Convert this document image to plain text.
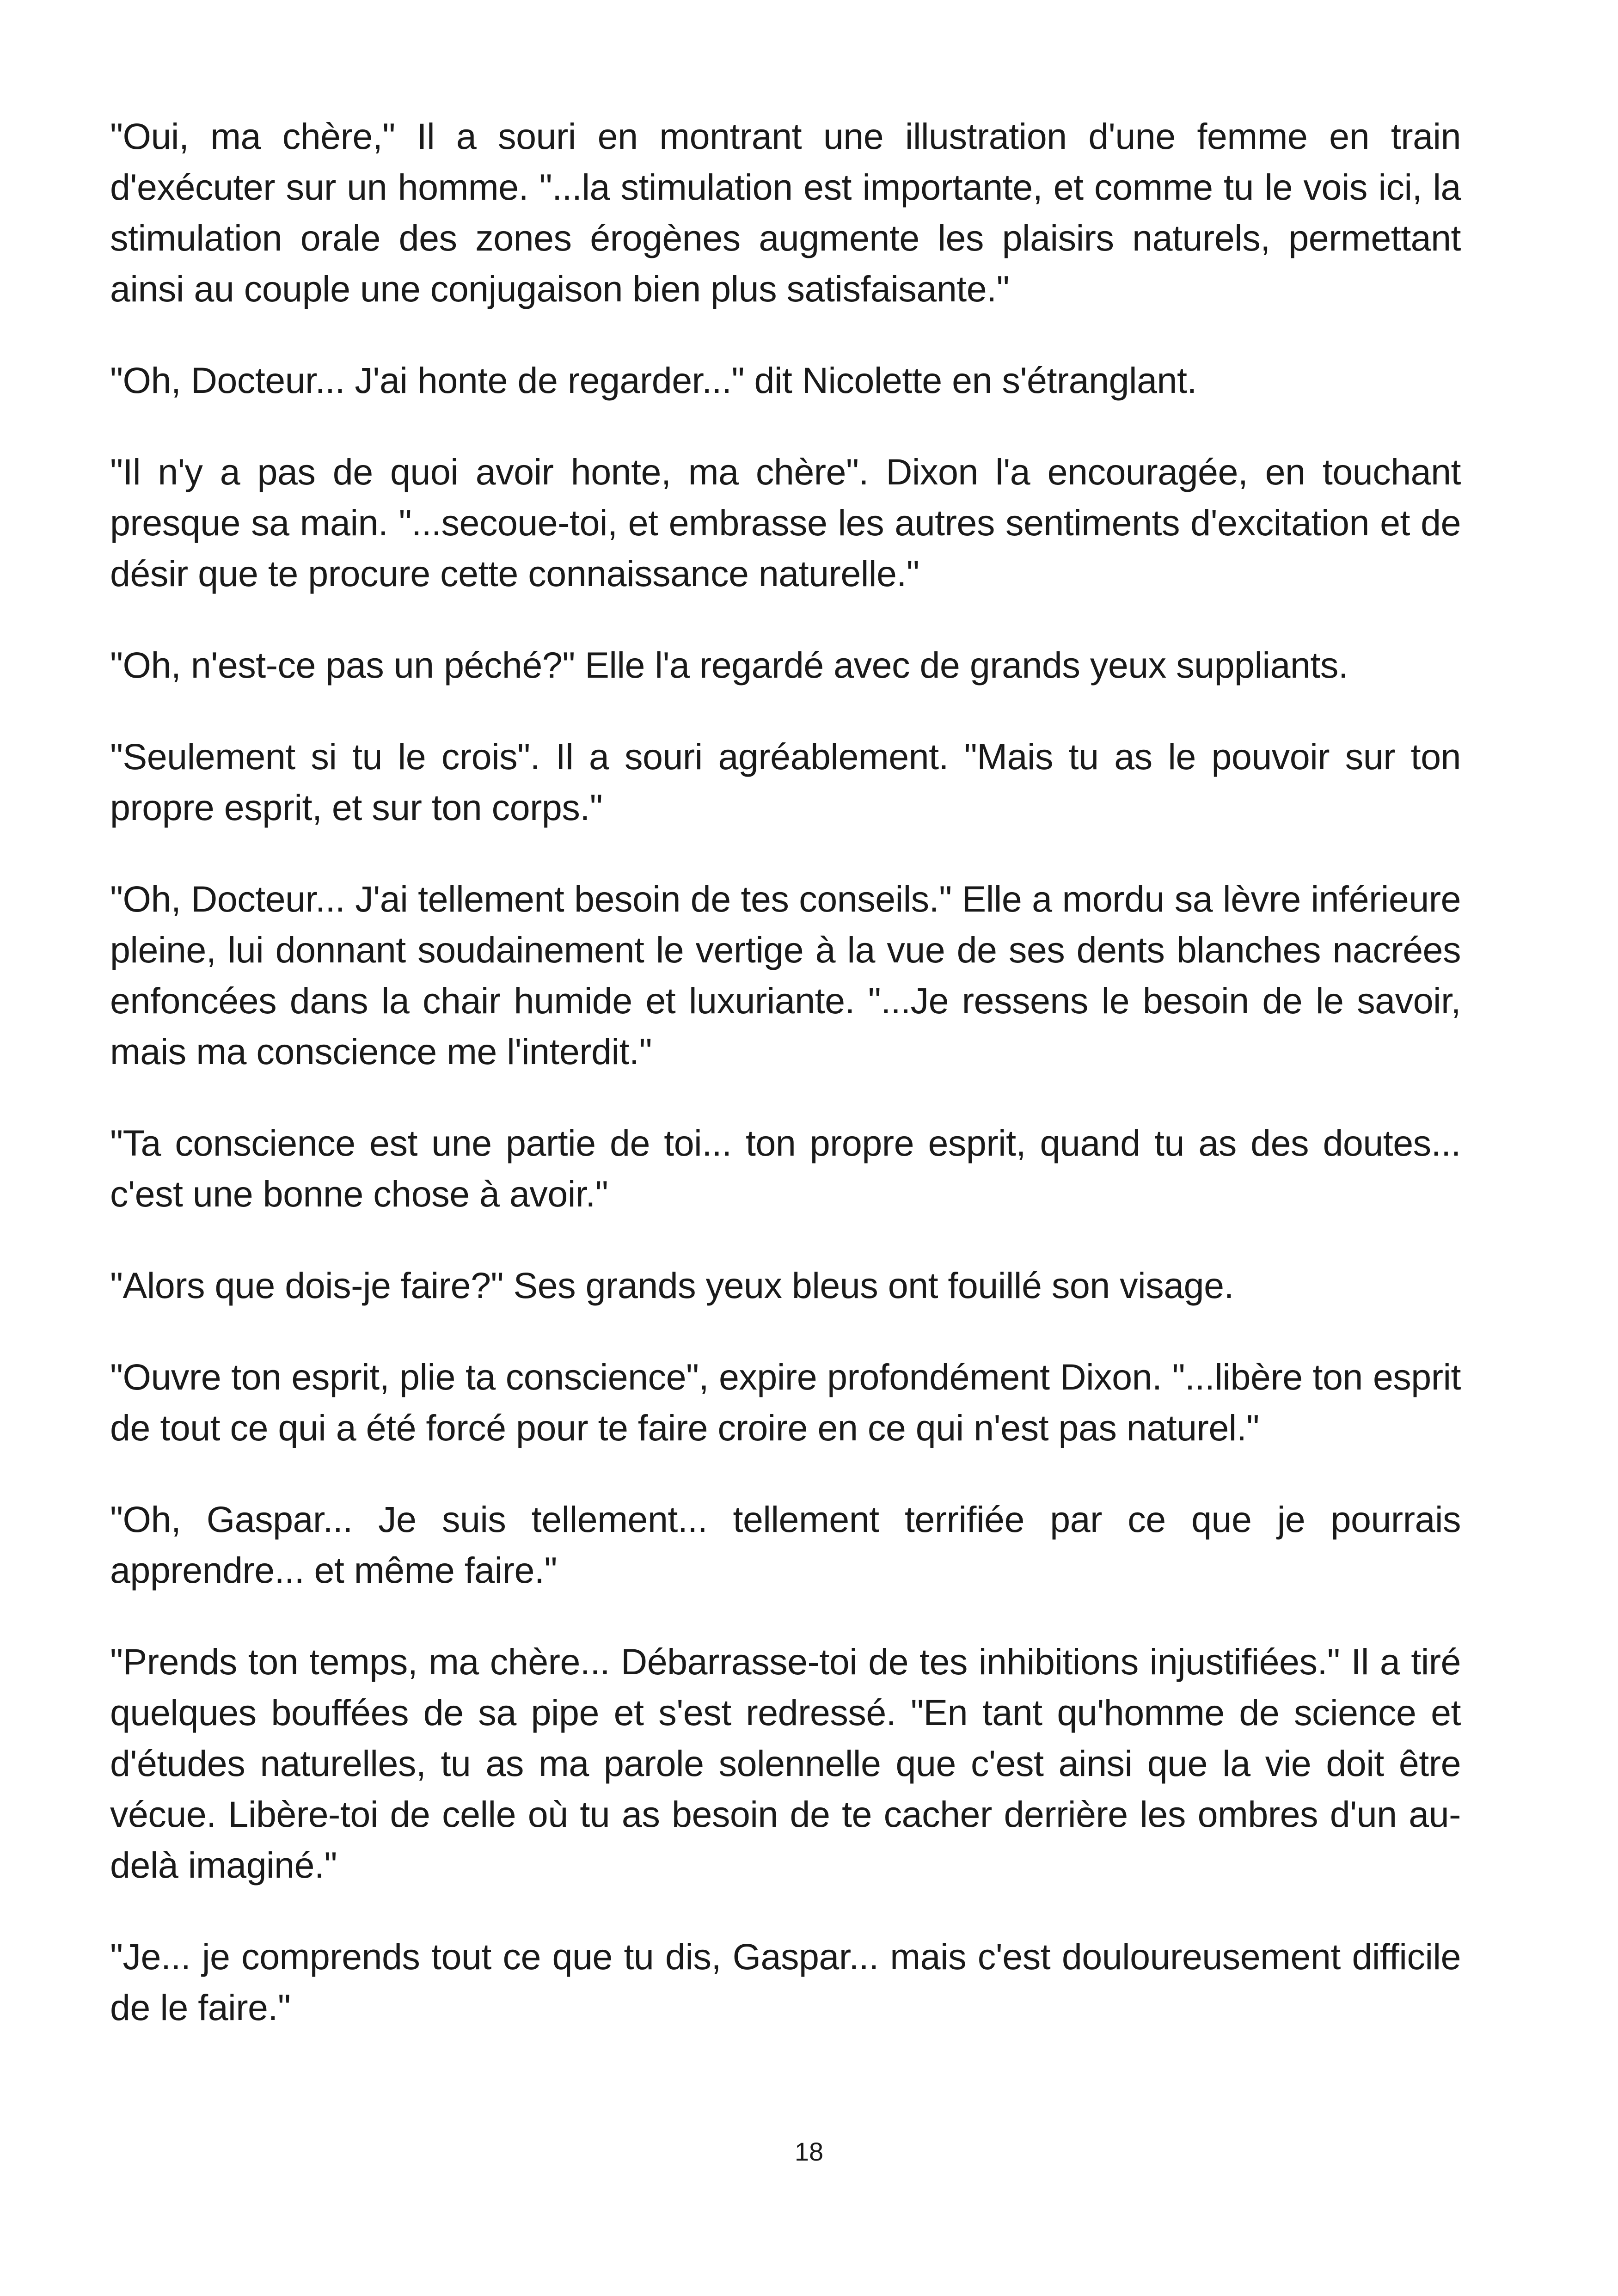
"Oui, ma chère," Il a souri en montrant une illustration d'une femme en train d'exécuter sur un homme. "...la stimulation est importante, et comme tu le vois ici, la stimulation orale des zones érogènes augmente les plaisirs naturels, permettant ainsi au couple une conjugaison bien plus satisfaisante."

"Oh, Docteur... J'ai honte de regarder..." dit Nicolette en s'étranglant.

"Il n'y a pas de quoi avoir honte, ma chère". Dixon l'a encouragée, en touchant presque sa main. "...secoue-toi, et embrasse les autres sentiments d'excitation et de désir que te procure cette connaissance naturelle."

"Oh, n'est-ce pas un péché?" Elle l'a regardé avec de grands yeux suppliants.

"Seulement si tu le crois". Il a souri agréablement. "Mais tu as le pouvoir sur ton propre esprit, et sur ton corps."

"Oh, Docteur... J'ai tellement besoin de tes conseils." Elle a mordu sa lèvre inférieure pleine, lui donnant soudainement le vertige à la vue de ses dents blanches nacrées enfoncées dans la chair humide et luxuriante. "...Je ressens le besoin de le savoir, mais ma conscience me l'interdit."

"Ta conscience est une partie de toi... ton propre esprit, quand tu as des doutes... c'est une bonne chose à avoir."

"Alors que dois-je faire?" Ses grands yeux bleus ont fouillé son visage.

"Ouvre ton esprit, plie ta conscience", expire profondément Dixon. "...libère ton esprit de tout ce qui a été forcé pour te faire croire en ce qui n'est pas naturel."

"Oh, Gaspar... Je suis tellement... tellement terrifiée par ce que je pourrais apprendre... et même faire."

"Prends ton temps, ma chère... Débarrasse-toi de tes inhibitions injustifiées." Il a tiré quelques bouffées de sa pipe et s'est redressé. "En tant qu'homme de science et d'études naturelles, tu as ma parole solennelle que c'est ainsi que la vie doit être vécue. Libère-toi de celle où tu as besoin de te cacher derrière les ombres d'un au-delà imaginé."

"Je... je comprends tout ce que tu dis, Gaspar... mais c'est douloureusement difficile de le faire."

18
